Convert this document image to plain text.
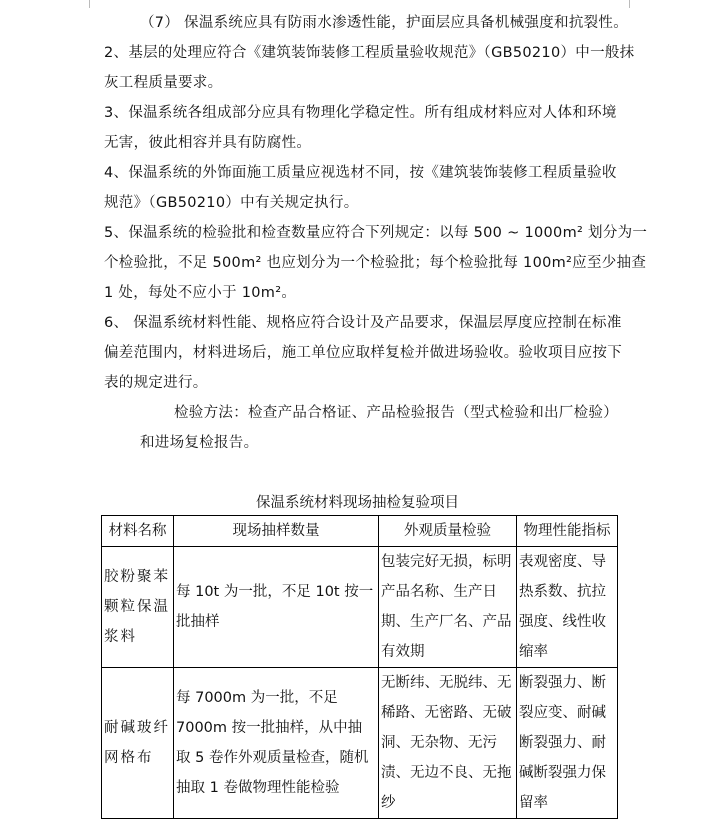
（7） 保温系统应具有防雨水渗透性能，护面层应具备机械强度和抗裂性。
2、基层的处理应符合《建筑装饰装修工程质量验收规范》（GB50210）中一般抹
灰工程质量要求。
3、保温系统各组成部分应具有物理化学稳定性。所有组成材料应对人体和环境
无害，彼此相容并具有防腐性。
4、保温系统的外饰面施工质量应视选材不同，按《建筑装饰装修工程质量验收
规范》（GB50210）中有关规定执行。
5、保温系统的检验批和检查数量应符合下列规定：以每 500 ~ 1000m² 划分为一
个检验批，不足 500m² 也应划分为一个检验批；每个检验批每 100m²应至少抽查
1 处，每处不应小于 10m²。
6、 保温系统材料性能、规格应符合设计及产品要求，保温层厚度应控制在标准
偏差范围内，材料进场后，施工单位应取样复检并做进场验收。验收项目应按下
表的规定进行。
检验方法：检查产品合格证、产品检验报告（型式检验和出厂检验）
和进场复检报告。
保温系统材料现场抽检复验项目
材料名称	现场抽样数量	外观质量检验	物理性能指标
胶粉聚苯颗粒保温浆料	每 10t 为一批，不足 10t 按一批抽样	包装完好无损，标明产品名称、生产日期、生产厂名、产品有效期	表观密度、导热系数、抗拉强度、线性收缩率
耐碱玻纤网格布	每 7000m 为一批，不足 7000m 按一批抽样，从中抽取 5 卷作外观质量检查，随机抽取 1 卷做物理性能检验	无断纬、无脱纬、无稀路、无密路、无破洞、无杂物、无污渍、无边不良、无拖纱	断裂强力、断裂应变、耐碱断裂强力、耐碱断裂强力保留率
